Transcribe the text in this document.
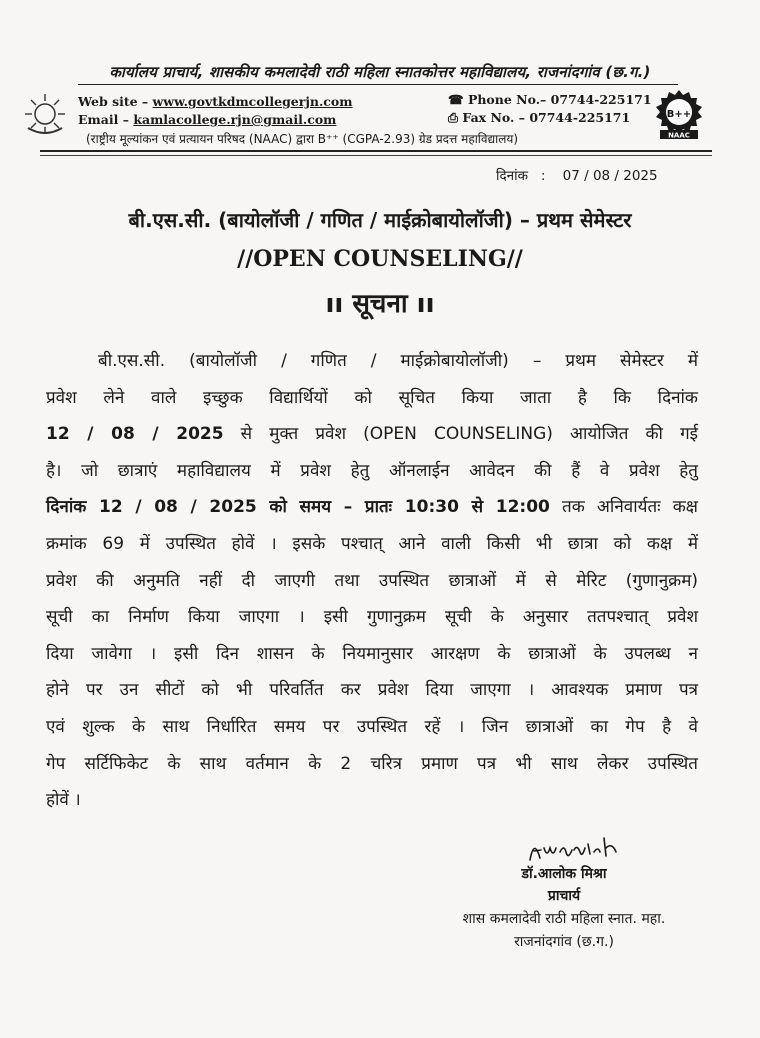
कार्यालय प्राचार्य, शासकीय कमलादेवी राठी महिला स्नातकोत्तर महाविद्यालय, राजनांदगांव (छ.ग.)
Web site – www.govtkdmcollegerjn.com
Email – kamlacollege.rjn@gmail.com
☎ Phone No.– 07744-225171
⎙ Fax No. – 07744-225171	B++
NAAC
(राष्ट्रीय मूल्यांकन एवं प्रत्यायन परिषद (NAAC) द्वारा B⁺⁺ (CGPA-2.93) ग्रेड प्रदत्त महाविद्यालय)
दिनांक : 07 / 08 / 2025
बी.एस.सी. (बायोलॉजी / गणित / माईक्रोबायोलॉजी) – प्रथम सेमेस्टर
//OPEN COUNSELING//
ıı सूचना ıı
बी.एस.सी. (बायोलॉजी / गणित / माईक्रोबायोलॉजी) – प्रथम सेमेस्टर में
प्रवेश लेने वाले इच्छुक विद्यार्थियों को सूचित किया जाता है कि दिनांक
12 / 08 / 2025 से मुक्त प्रवेश (OPEN COUNSELING) आयोजित की गई
है। जो छात्राएं महाविद्यालय में प्रवेश हेतु ऑनलाईन आवेदन की हैं वे प्रवेश हेतु
दिनांक 12 / 08 / 2025 को समय – प्रातः 10:30 से 12:00 तक अनिवार्यतः कक्ष
क्रमांक 69 में उपस्थित होवें । इसके पश्चात् आने वाली किसी भी छात्रा को कक्ष में
प्रवेश की अनुमति नहीं दी जाएगी तथा उपस्थित छात्राओं में से मेरिट (गुणानुक्रम)
सूची का निर्माण किया जाएगा । इसी गुणानुक्रम सूची के अनुसार ततपश्चात् प्रवेश
दिया जावेगा । इसी दिन शासन के नियमानुसार आरक्षण के छात्राओं के उपलब्ध न
होने पर उन सीटों को भी परिवर्तित कर प्रवेश दिया जाएगा । आवश्यक प्रमाण पत्र
एवं शुल्क के साथ निर्धारित समय पर उपस्थित रहें । जिन छात्राओं का गेप है वे
गेप सर्टिफिकेट के साथ वर्तमान के 2 चरित्र प्रमाण पत्र भी साथ लेकर उपस्थित
होवें ।
डॉ.आलोक मिश्रा
प्राचार्य
शास कमलादेवी राठी महिला स्नात. महा.
राजनांदगांव (छ.ग.)
